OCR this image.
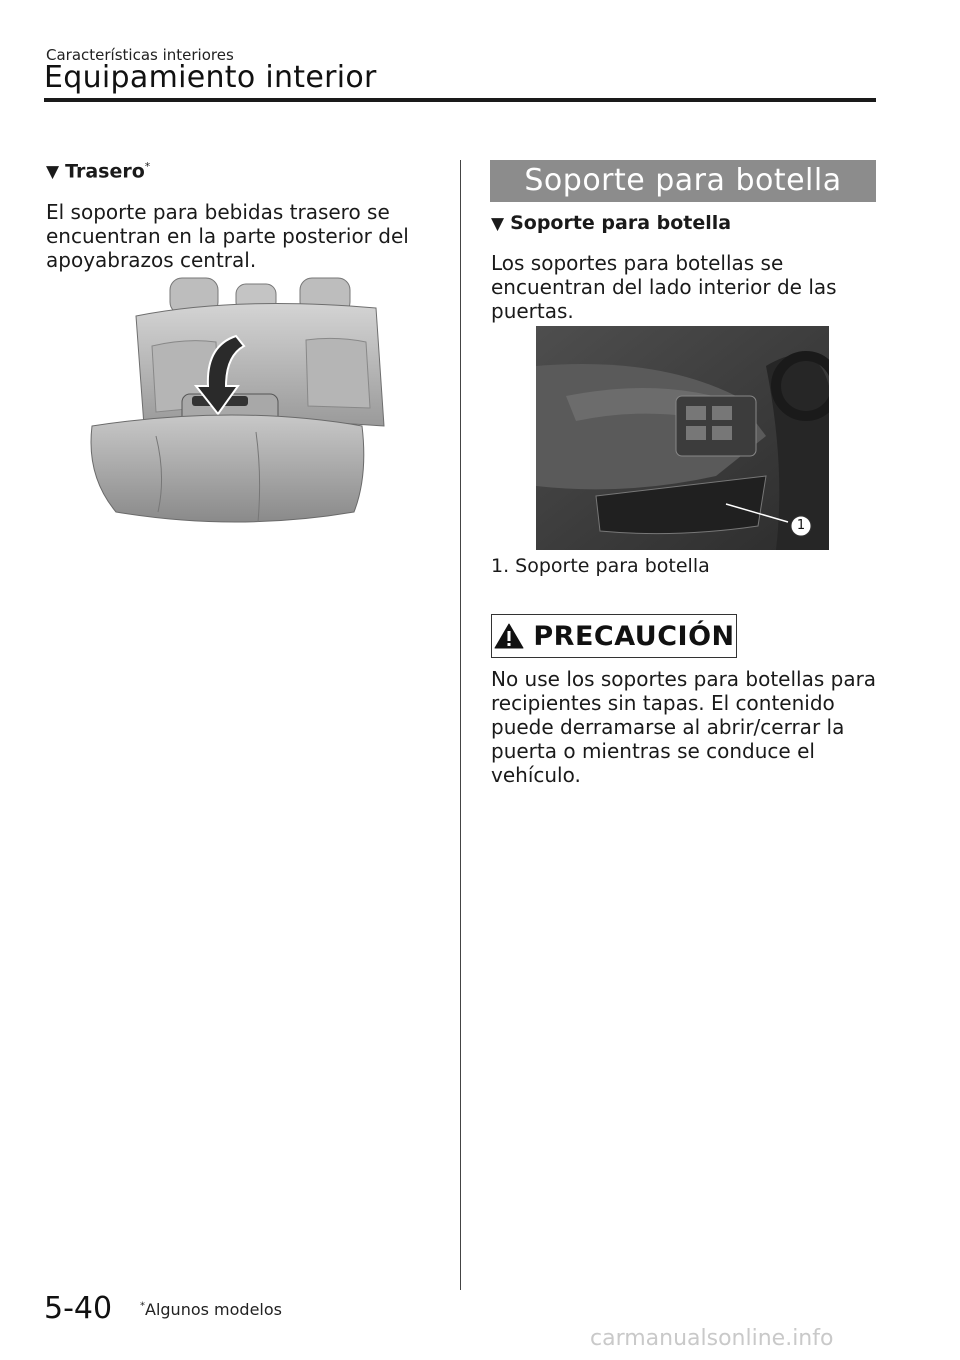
Características interiores
Equipamiento interior
▼ Trasero*
El soporte para bebidas trasero se encuentran en la parte posterior del apoyabrazos central.
Soporte para botella
▼ Soporte para botella
Los soportes para botellas se encuentran del lado interior de las puertas.
1
1. Soporte para botella
PRECAUCIÓN
No use los soportes para botellas para recipientes sin tapas. El contenido puede derramarse al abrir/cerrar la puerta o mientras se conduce el vehículo.
5-40	*Algunos modelos
carmanualsonline.info
